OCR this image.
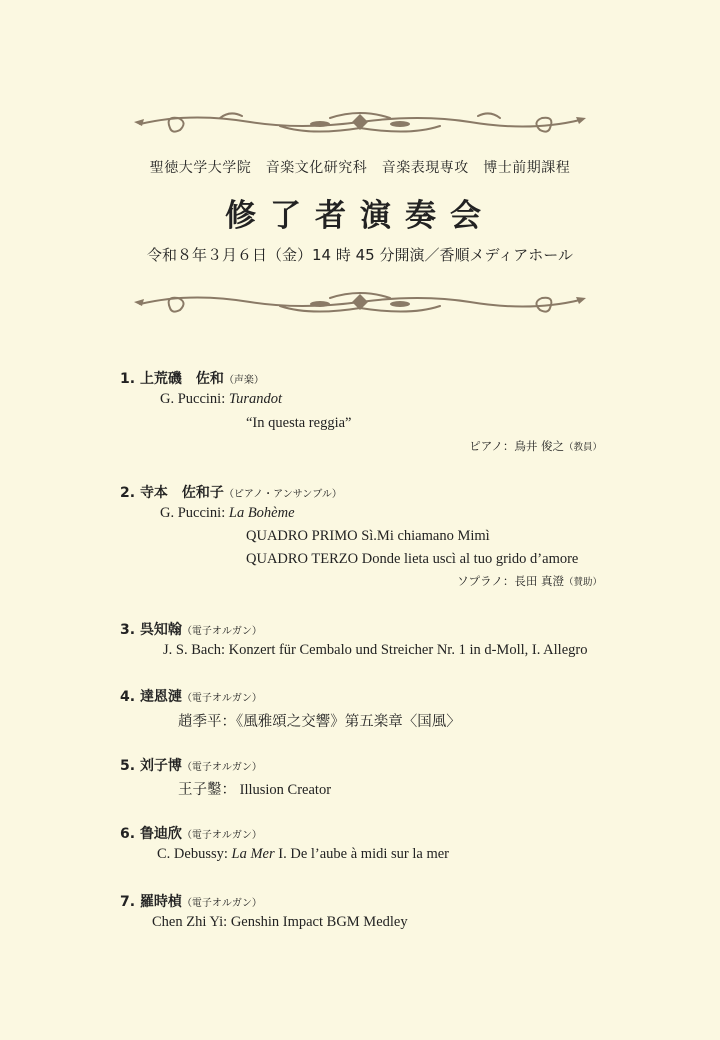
聖徳大学大学院　音楽文化研究科　音楽表現専攻　博士前期課程
修了者演奏会
令和８年３月６日（金）14 時 45 分開演／香順メディアホール
1. 上荒磯　佐和（声楽）
G. Puccini: Turandot
“In questa reggia”
ピアノ：鳥井 俊之（教員）
2. 寺本　佐和子（ピアノ・アンサンブル）
G. Puccini: La Bohème
QUADRO PRIMO Sì.Mi chiamano Mimì
QUADRO TERZO Donde lieta uscì al tuo grido d’amore
ソプラノ：長田 真澄（賛助）
3. 呉知翰（電子オルガン）
J. S. Bach: Konzert für Cembalo und Streicher Nr. 1 in d-Moll, I. Allegro
4. 達恩漣（電子オルガン）
趙季平：《風雅頌之交響》第五楽章〈国風〉
5. 刘子博（電子オルガン）
王子鑿： Illusion Creator
6. 鲁迪欣（電子オルガン）
C. Debussy: La Mer I. De l’aube à midi sur la mer
7. 羅時楨（電子オルガン）
Chen Zhi Yi: Genshin Impact BGM Medley
